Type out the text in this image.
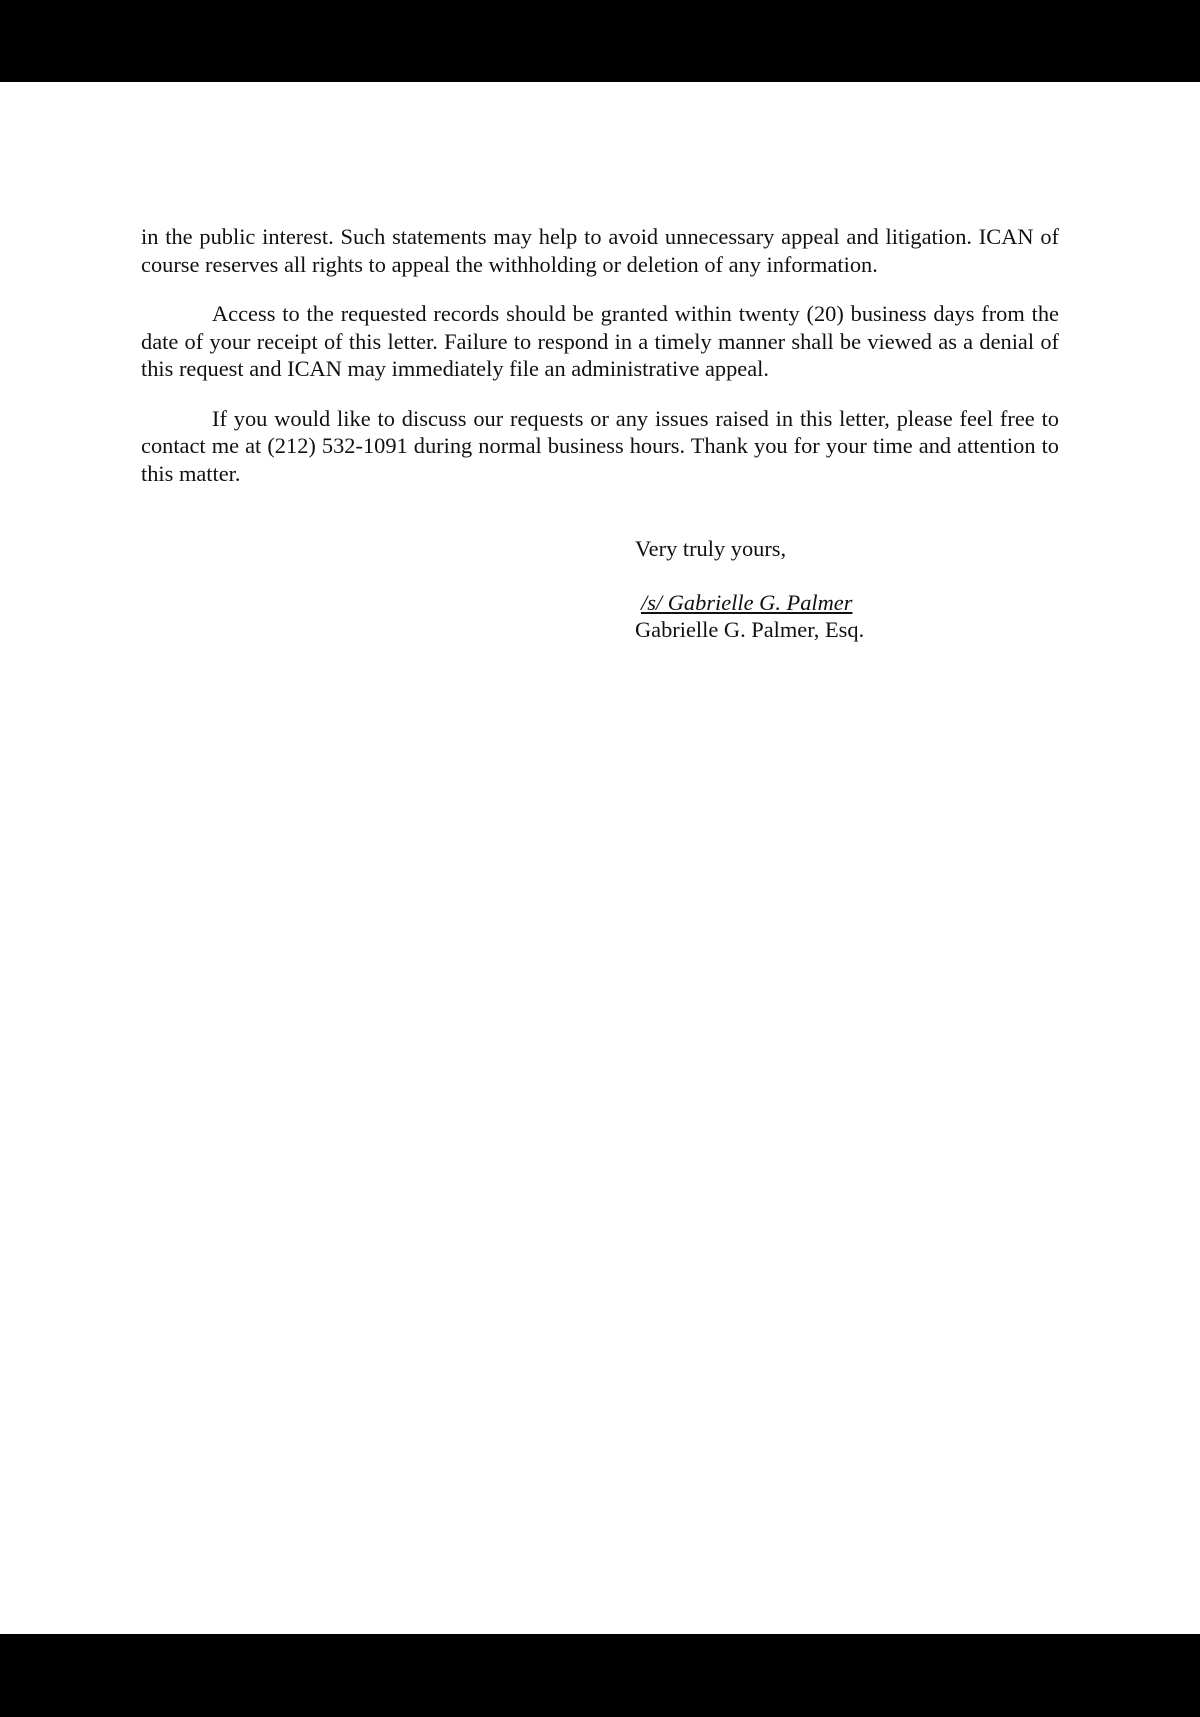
in the public interest. Such statements may help to avoid unnecessary appeal and litigation. ICAN of course reserves all rights to appeal the withholding or deletion of any information.

Access to the requested records should be granted within twenty (20) business days from the date of your receipt of this letter. Failure to respond in a timely manner shall be viewed as a denial of this request and ICAN may immediately file an administrative appeal.

If you would like to discuss our requests or any issues raised in this letter, please feel free to contact me at (212) 532-1091 during normal business hours. Thank you for your time and attention to this matter.

Very truly yours,

/s/ Gabrielle G. Palmer

Gabrielle G. Palmer, Esq.
